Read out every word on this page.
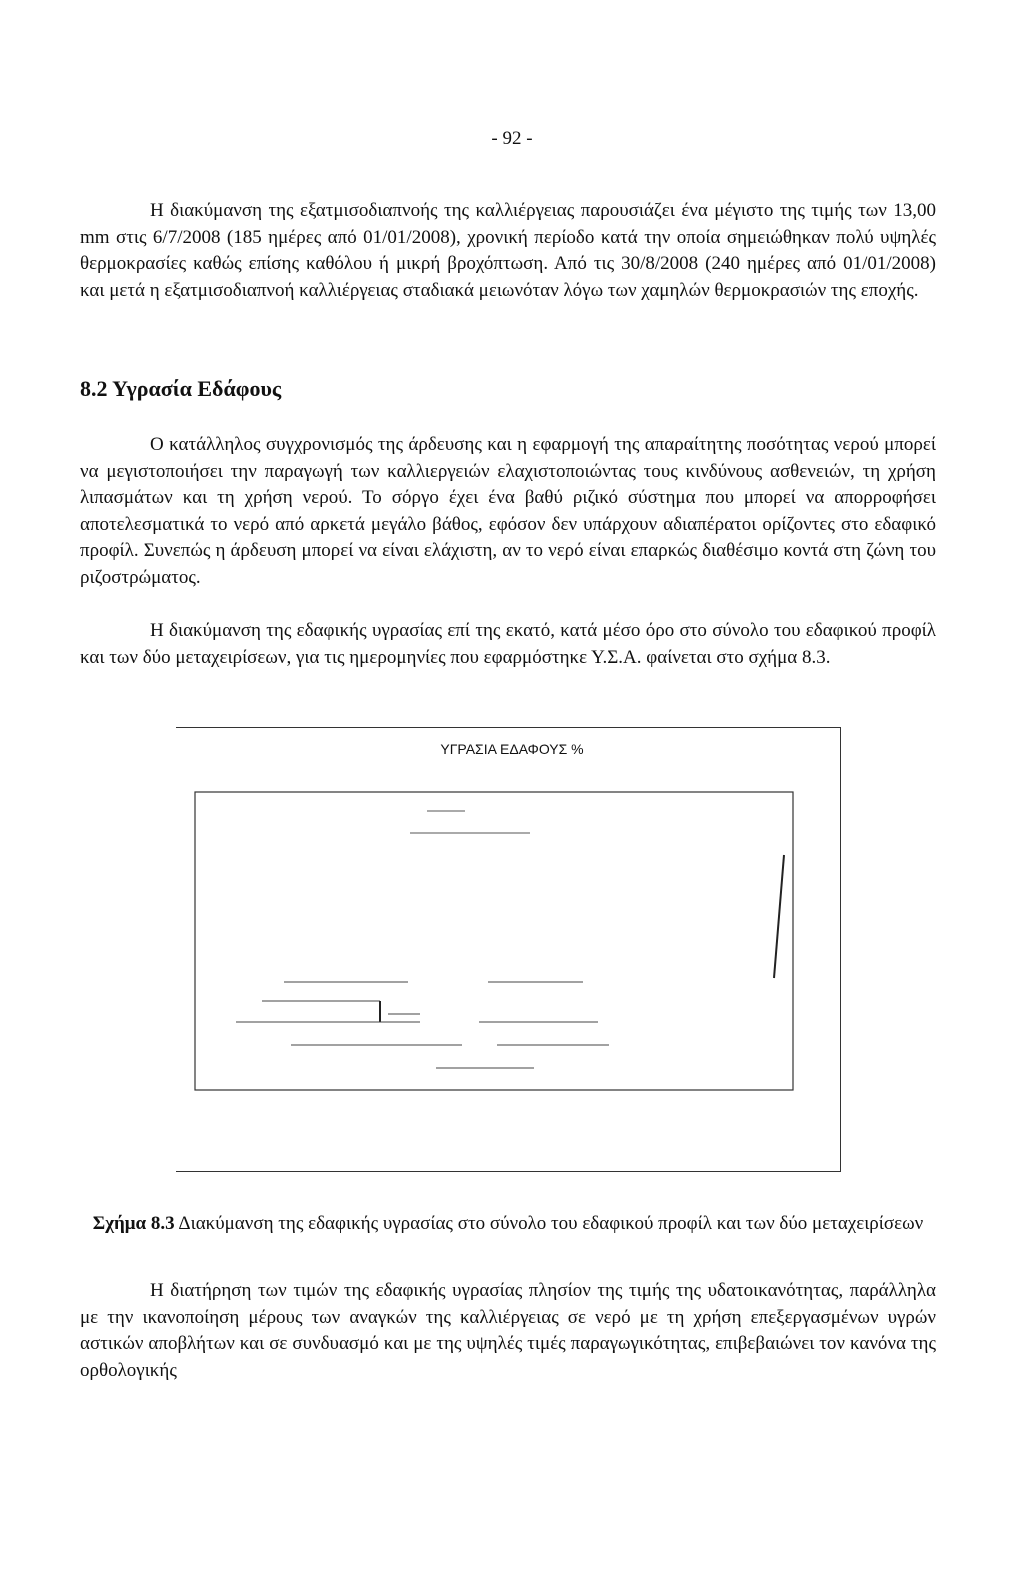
- 92 -

Η διακύμανση της εξατμισοδιαπνοής της καλλιέργειας παρουσιάζει ένα μέγιστο της τιμής των 13,00 mm στις 6/7/2008 (185 ημέρες από 01/01/2008), χρονική περίοδο κατά την οποία σημειώθηκαν πολύ υψηλές θερμοκρασίες καθώς επίσης καθόλου ή μικρή βροχόπτωση. Από τις 30/8/2008 (240 ημέρες από 01/01/2008) και μετά η εξατμισοδιαπνοή καλλιέργειας σταδιακά μειωνόταν λόγω των χαμηλών θερμοκρασιών της εποχής.

8.2 Υγρασία Εδάφους

Ο κατάλληλος συγχρονισμός της άρδευσης και η εφαρμογή της απαραίτητης ποσότητας νερού μπορεί να μεγιστοποιήσει την παραγωγή των καλλιεργειών ελαχιστοποιώντας τους κινδύνους ασθενειών, τη χρήση λιπασμάτων και τη χρήση νερού. Το σόργο έχει ένα βαθύ ριζικό σύστημα που μπορεί να απορροφήσει αποτελεσματικά το νερό από αρκετά μεγάλο βάθος, εφόσον δεν υπάρχουν αδιαπέρατοι ορίζοντες στο εδαφικό προφίλ. Συνεπώς η άρδευση μπορεί να είναι ελάχιστη, αν το νερό είναι επαρκώς διαθέσιμο κοντά στη ζώνη του ριζοστρώματος.

Η διακύμανση της εδαφικής υγρασίας επί της εκατό, κατά μέσο όρο στο σύνολο του εδαφικού προφίλ και των δύο μεταχειρίσεων, για τις ημερομηνίες που εφαρμόστηκε Υ.Σ.Α. φαίνεται στο σχήμα 8.3.

ΥΓΡΑΣΙΑ ΕΔΑΦΟΥΣ %

Σχήμα 8.3 Διακύμανση της εδαφικής υγρασίας στο σύνολο του εδαφικού προφίλ και των δύο μεταχειρίσεων

Η διατήρηση των τιμών της εδαφικής υγρασίας πλησίον της τιμής της υδατοικανότητας, παράλληλα με την ικανοποίηση μέρους των αναγκών της καλλιέργειας σε νερό με τη χρήση επεξεργασμένων υγρών αστικών αποβλήτων και σε συνδυασμό και με της υψηλές τιμές παραγωγικότητας, επιβεβαιώνει τον κανόνα της ορθολογικής
